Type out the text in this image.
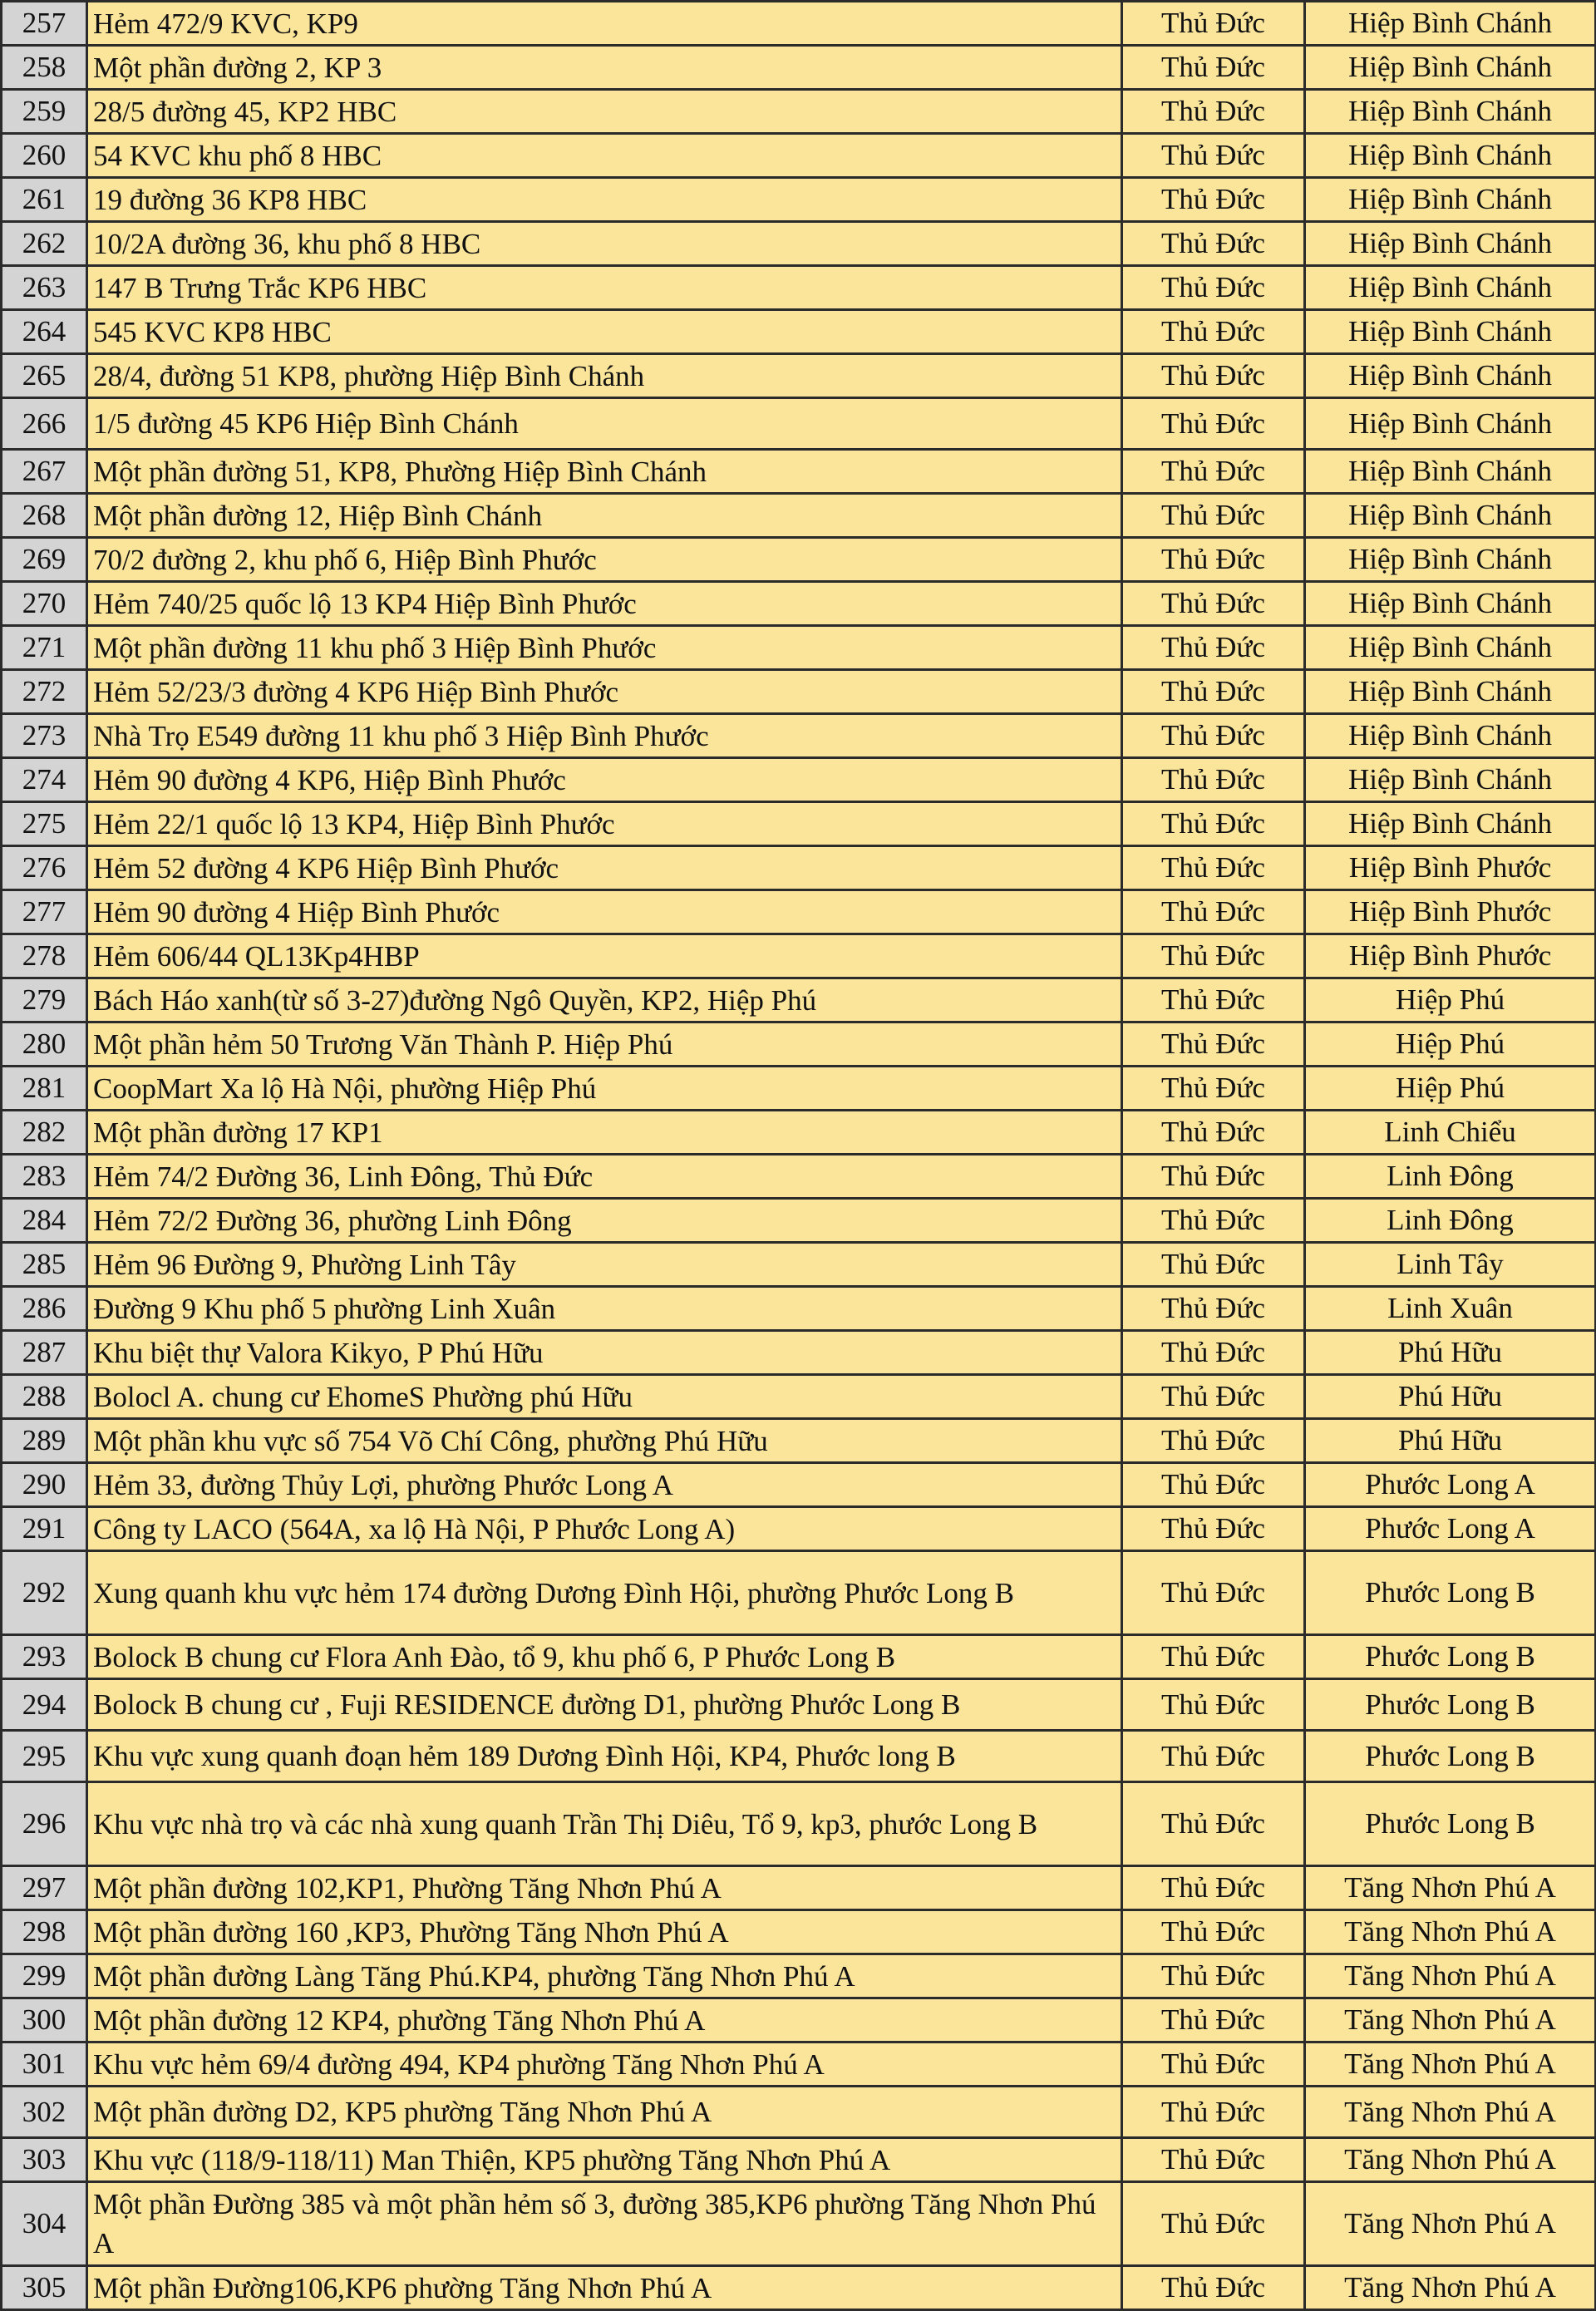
257	Hẻm 472/9 KVC, KP9	Thủ Đức	Hiệp Bình Chánh
258	Một phần đường 2, KP 3	Thủ Đức	Hiệp Bình Chánh
259	28/5 đường 45, KP2 HBC	Thủ Đức	Hiệp Bình Chánh
260	54 KVC khu phố 8 HBC	Thủ Đức	Hiệp Bình Chánh
261	19 đường 36 KP8 HBC	Thủ Đức	Hiệp Bình Chánh
262	10/2A đường 36, khu phố 8 HBC	Thủ Đức	Hiệp Bình Chánh
263	147 B Trưng Trắc KP6 HBC	Thủ Đức	Hiệp Bình Chánh
264	545 KVC KP8 HBC	Thủ Đức	Hiệp Bình Chánh
265	28/4, đường 51 KP8, phường Hiệp Bình Chánh	Thủ Đức	Hiệp Bình Chánh
266	1/5 đường 45 KP6 Hiệp Bình Chánh	Thủ Đức	Hiệp Bình Chánh
267	Một phần đường 51, KP8, Phường Hiệp Bình Chánh	Thủ Đức	Hiệp Bình Chánh
268	Một phần đường 12, Hiệp Bình Chánh	Thủ Đức	Hiệp Bình Chánh
269	70/2 đường 2, khu phố 6, Hiệp Bình Phước	Thủ Đức	Hiệp Bình Chánh
270	Hẻm 740/25 quốc lộ 13 KP4 Hiệp Bình Phước	Thủ Đức	Hiệp Bình Chánh
271	Một phần đường 11 khu phố 3 Hiệp Bình Phước	Thủ Đức	Hiệp Bình Chánh
272	Hẻm 52/23/3 đường 4 KP6 Hiệp Bình Phước	Thủ Đức	Hiệp Bình Chánh
273	Nhà Trọ E549 đường 11 khu phố 3 Hiệp Bình Phước	Thủ Đức	Hiệp Bình Chánh
274	Hẻm 90 đường 4 KP6, Hiệp Bình Phước	Thủ Đức	Hiệp Bình Chánh
275	Hẻm 22/1 quốc lộ 13 KP4, Hiệp Bình Phước	Thủ Đức	Hiệp Bình Chánh
276	Hẻm 52 đường 4 KP6 Hiệp Bình Phước	Thủ Đức	Hiệp Bình Phước
277	Hẻm 90 đường 4 Hiệp Bình Phước	Thủ Đức	Hiệp Bình Phước
278	Hẻm 606/44 QL13Kp4HBP	Thủ Đức	Hiệp Bình Phước
279	Bách Háo xanh(từ số 3-27)đường Ngô Quyền, KP2, Hiệp Phú	Thủ Đức	Hiệp Phú
280	Một phần hẻm 50 Trương Văn Thành P. Hiệp Phú	Thủ Đức	Hiệp Phú
281	CoopMart Xa lộ Hà Nội, phường Hiệp Phú	Thủ Đức	Hiệp Phú
282	Một phần đường 17 KP1	Thủ Đức	Linh Chiểu
283	Hẻm 74/2 Đường 36, Linh Đông, Thủ Đức	Thủ Đức	Linh Đông
284	Hẻm 72/2 Đường 36, phường Linh Đông	Thủ Đức	Linh Đông
285	Hẻm 96 Đường 9, Phường Linh Tây	Thủ Đức	Linh Tây
286	Đường 9 Khu phố 5 phường Linh Xuân	Thủ Đức	Linh Xuân
287	Khu biệt thự Valora Kikyo, P Phú Hữu	Thủ Đức	Phú Hữu
288	Bolocl A. chung cư EhomeS Phường phú Hữu	Thủ Đức	Phú Hữu
289	Một phần khu vực số 754 Võ Chí Công, phường Phú Hữu	Thủ Đức	Phú Hữu
290	Hẻm 33, đường Thủy Lợi, phường Phước Long A	Thủ Đức	Phước Long A
291	Công ty LACO (564A, xa lộ Hà Nội, P Phước Long A)	Thủ Đức	Phước Long A
292	Xung quanh khu vực hẻm 174 đường Dương Đình Hội, phường Phước Long B	Thủ Đức	Phước Long B
293	Bolock B chung cư Flora Anh Đào, tổ 9, khu phố 6, P Phước Long B	Thủ Đức	Phước Long B
294	Bolock B chung cư , Fuji RESIDENCE đường D1, phường Phước Long B	Thủ Đức	Phước Long B
295	Khu vực xung quanh đoạn hẻm 189 Dương Đình Hội, KP4, Phước long B	Thủ Đức	Phước Long B
296	Khu vực nhà trọ và các nhà xung quanh Trần Thị Diêu, Tổ 9, kp3, phước Long B	Thủ Đức	Phước Long B
297	Một phần đường 102,KP1, Phường Tăng Nhơn Phú A	Thủ Đức	Tăng Nhơn Phú A
298	Một phần đường 160 ,KP3, Phường Tăng Nhơn Phú A	Thủ Đức	Tăng Nhơn Phú A
299	Một phần đường Làng Tăng Phú.KP4, phường Tăng Nhơn Phú A	Thủ Đức	Tăng Nhơn Phú A
300	Một phần đường 12 KP4, phường Tăng Nhơn Phú A	Thủ Đức	Tăng Nhơn Phú A
301	Khu vực hẻm 69/4 đường 494, KP4 phường Tăng Nhơn Phú A	Thủ Đức	Tăng Nhơn Phú A
302	Một phần đường D2, KP5 phường Tăng Nhơn Phú A	Thủ Đức	Tăng Nhơn Phú A
303	Khu vực (118/9-118/11) Man Thiện, KP5 phường Tăng Nhơn Phú A	Thủ Đức	Tăng Nhơn Phú A
304	Một phần Đường 385 và một phần hẻm số 3, đường 385,KP6 phường Tăng Nhơn Phú A	Thủ Đức	Tăng Nhơn Phú A
305	Một phần Đường106,KP6 phường Tăng Nhơn Phú A	Thủ Đức	Tăng Nhơn Phú A
